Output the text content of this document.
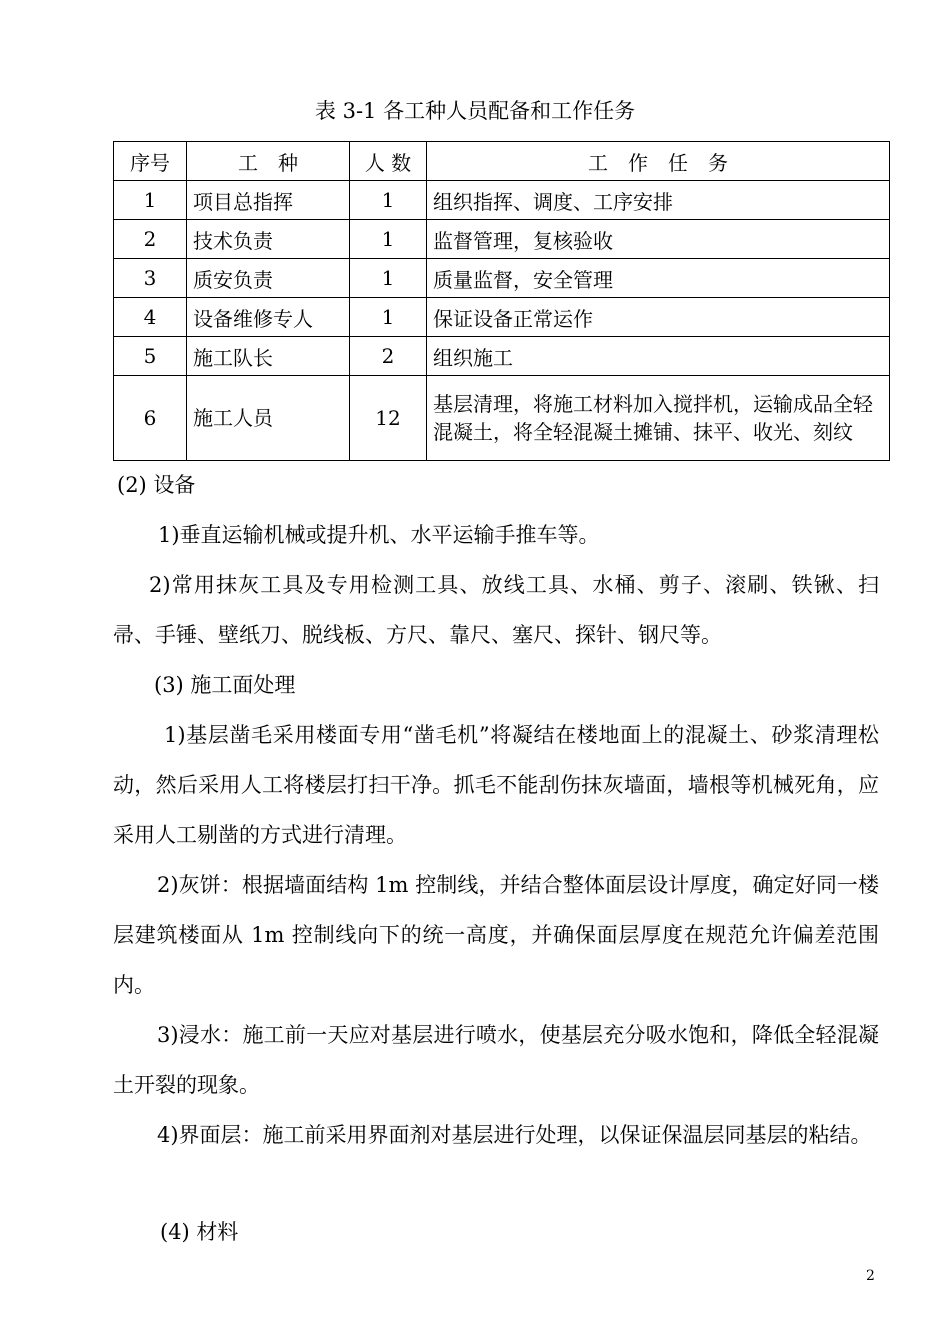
表 3-1 各工种人员配备和工作任务
序号	工　种	人 数	工　作　任　务
1	项目总指挥	1	组织指挥、调度、工序安排
2	技术负责	1	监督管理，复核验收
3	质安负责	1	质量监督，安全管理
4	设备维修专人	1	保证设备正常运作
5	施工队长	2	组织施工
6	施工人员	12	基层清理，将施工材料加入搅拌机，运输成品全轻混凝土，将全轻混凝土摊铺、抹平、收光、刻纹
(2) 设备
1)垂直运输机械或提升机、水平运输手推车等。
2)常用抹灰工具及专用检测工具、放线工具、水桶、剪子、滚刷、铁锹、扫帚、手锤、壁纸刀、脱线板、方尺、靠尺、塞尺、探针、钢尺等。
(3) 施工面处理
1)基层凿毛采用楼面专用“凿毛机”将凝结在楼地面上的混凝土、砂浆清理松动，然后采用人工将楼层打扫干净。抓毛不能刮伤抹灰墙面，墙根等机械死角，应采用人工剔凿的方式进行清理。
2)灰饼：根据墙面结构 1m 控制线，并结合整体面层设计厚度，确定好同一楼层建筑楼面从 1m 控制线向下的统一高度，并确保面层厚度在规范允许偏差范围内。
3)浸水：施工前一天应对基层进行喷水，使基层充分吸水饱和，降低全轻混凝土开裂的现象。
4)界面层：施工前采用界面剂对基层进行处理，以保证保温层同基层的粘结。
(4) 材料
2
